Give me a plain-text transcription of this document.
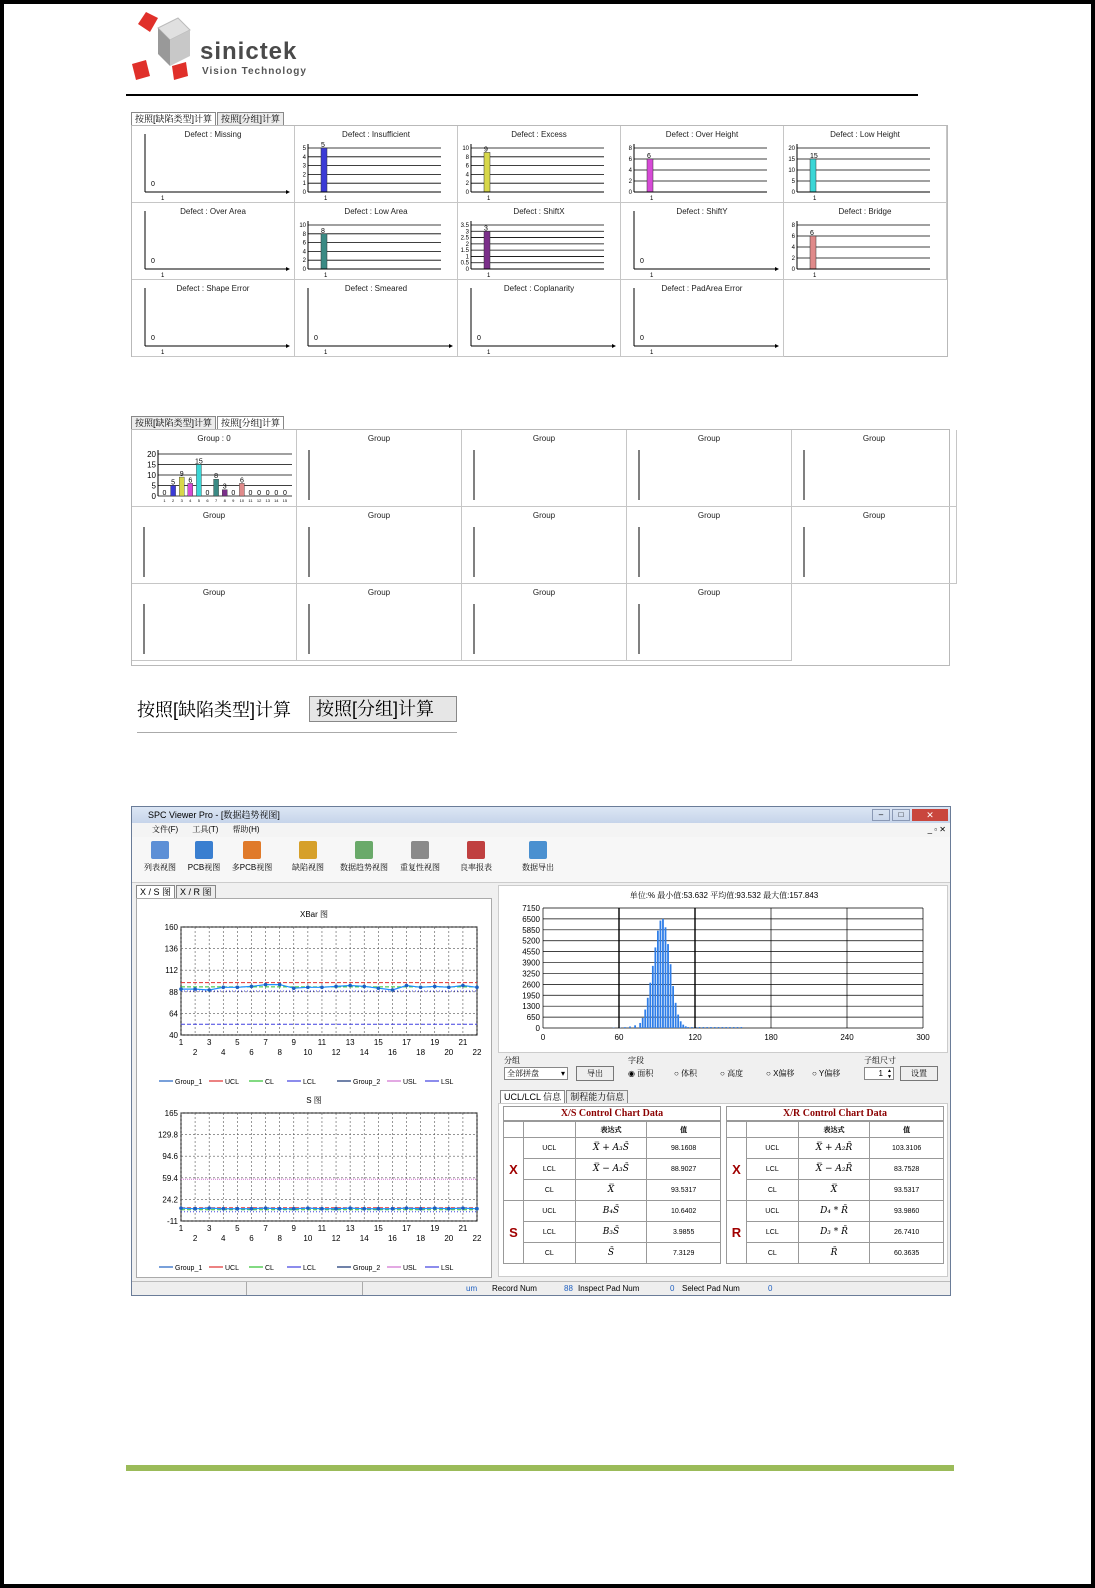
sinictek
Vision Technology
按照[缺陷类型]计算	按照[分组]计算
Defect : Missing
0
1
Defect : Insufficient
5
4
3
2
1
0
5
1
Defect : Excess
10
8
6
4
2
0
9
1
Defect : Over Height
8
6
4
2
0
6
1
Defect : Low Height
20
15
10
5
0
15
1
Defect : Over Area
0
1
Defect : Low Area
10
8
6
4
2
0
8
1
Defect : ShiftX
3.5
3
2.5
2
1.5
1
0.5
0
3
1
Defect : ShiftY
0
1
Defect : Bridge
8
6
4
2
0
6
1
Defect : Shape Error
0
1
Defect : Smeared
0
1
Defect : Coplanarity
0
1
Defect : PadArea Error
0
1
按照[缺陷类型]计算	按照[分组]计算
Group : 0
20
15
10
5
0 0
1
5
2
9
3
6
4
15
5
0
6
8
7
3
8
0
9
6
10
0
11
0
12
0
13
0
14
0
15
Group	Group	Group	Group
Group	Group	Group	Group	Group
Group	Group	Group	Group
按照[缺陷类型]计算	按照[分组]计算
SPC Viewer Pro - [数据趋势视图]	✕
□
–
文件(F) 工具(T) 帮助(H)	_ ▫ ✕
列表视图	PCB视图	多PCB视图	缺陷视图	数据趋势视图	重复性视图	良率报表	数据导出
X / S 图	X / R 图
XBar 图
160
136
112
88
64
40
1	3	5	7	9	11 13 15 17 19 21
2	4	6	8	10 12 14 16 18 20 22
Group_1	UCL	CL	LCL	Group_2	USL	LSL
S 图
165
129.8
94.6
59.4
24.2
-11
1	3	5	7	9	11 13 15 17 19 21
2	4	6	8	10 12 14 16 18 20 22
Group_1	UCL	CL	LCL	Group_2	USL	LSL
单位:% 最小值:53.632 平均值:93.532 最大值:157.843
7150
6500
5850
5200
4550
3900
3250
2600
1950
1300
650
0
0	60	120	180	240	300
分组
全部拼盘	▾	导出
字段
◉ 面积	○ 体积	○ 高度	○ X偏移 ○ Y偏移
子组尺寸
1 ▲
▼	设置
UCL/LCL 信息	制程能力信息
X/S Control Chart Data
		表达式	值
X	UCL	X̿ + A₃S̄	98.1608
	LCL	X̿ − A₃S̄	88.9027
	CL	X̿	93.5317
S	UCL	B₄S̄	10.6402
	LCL	B₃S̄	3.9855
	CL	S̄	7.3129
X/R Control Chart Data
		表达式	值
X	UCL	X̿ + A₂R̄	103.3106
	LCL	X̿ − A₂R̄	83.7528
	CL	X̿	93.5317
R	UCL	D₄ * R̄	93.9860
	LCL	D₃ * R̄	26.7410
	CL	R̄	60.3635
um Record Num	88 Inspect Pad Num	0 Select Pad Num	0
